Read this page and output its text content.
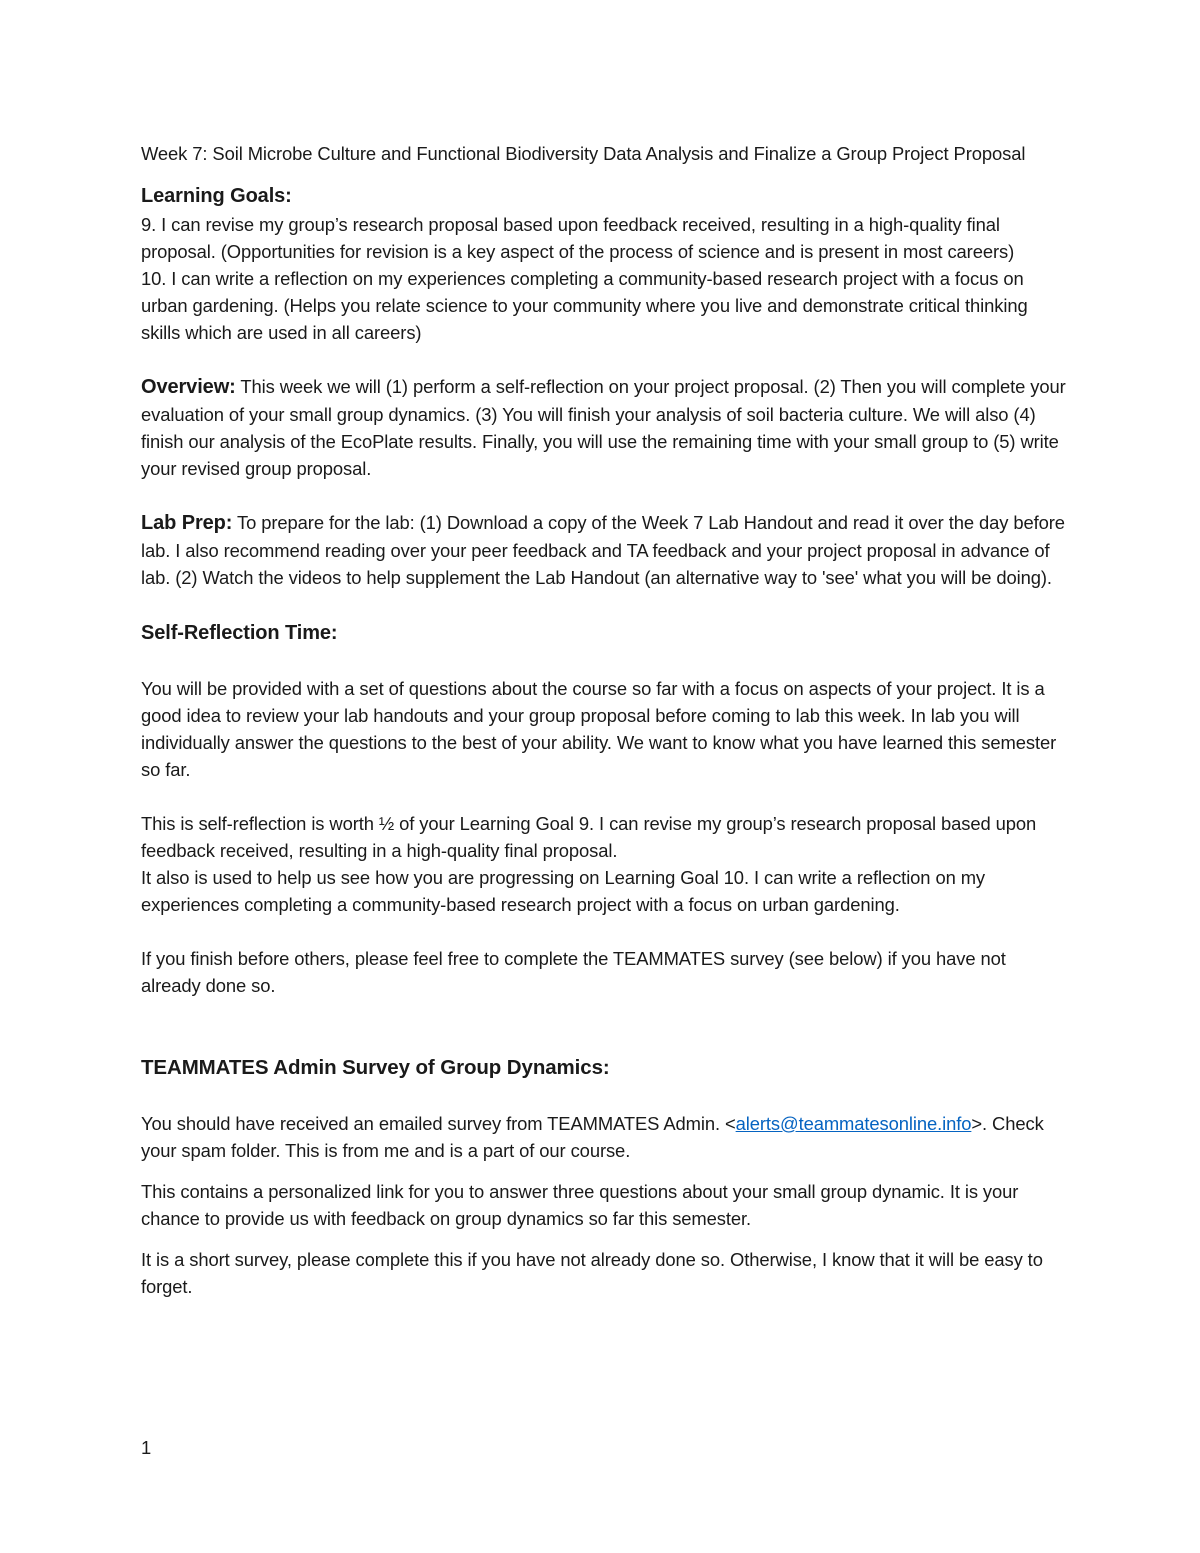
Week 7: Soil Microbe Culture and Functional Biodiversity Data Analysis and Finalize a Group Project Proposal

Learning Goals:

9. I can revise my group’s research proposal based upon feedback received, resulting in a high-quality final proposal. (Opportunities for revision is a key aspect of the process of science and is present in most careers)

10. I can write a reflection on my experiences completing a community-based research project with a focus on urban gardening. (Helps you relate science to your community where you live and demonstrate critical thinking skills which are used in all careers)

Overview: This week we will (1) perform a self-reflection on your project proposal. (2) Then you will complete your evaluation of your small group dynamics. (3) You will finish your analysis of soil bacteria culture. We will also (4) finish our analysis of the EcoPlate results. Finally, you will use the remaining time with your small group to (5) write your revised group proposal.

Lab Prep: To prepare for the lab: (1) Download a copy of the Week 7 Lab Handout and read it over the day before lab. I also recommend reading over your peer feedback and TA feedback and your project proposal in advance of lab. (2) Watch the videos to help supplement the Lab Handout (an alternative way to 'see' what you will be doing).

Self-Reflection Time:

You will be provided with a set of questions about the course so far with a focus on aspects of your project. It is a good idea to review your lab handouts and your group proposal before coming to lab this week. In lab you will individually answer the questions to the best of your ability. We want to know what you have learned this semester so far.

This is self-reflection is worth ½ of your Learning Goal 9. I can revise my group’s research proposal based upon feedback received, resulting in a high-quality final proposal.

It also is used to help us see how you are progressing on Learning Goal 10. I can write a reflection on my experiences completing a community-based research project with a focus on urban gardening.

If you finish before others, please feel free to complete the TEAMMATES survey (see below) if you have not already done so.

TEAMMATES Admin Survey of Group Dynamics:

You should have received an emailed survey from TEAMMATES Admin. <alerts@teammatesonline.info>. Check your spam folder. This is from me and is a part of our course.

This contains a personalized link for you to answer three questions about your small group dynamic. It is your chance to provide us with feedback on group dynamics so far this semester.

It is a short survey, please complete this if you have not already done so. Otherwise, I know that it will be easy to forget.

1
